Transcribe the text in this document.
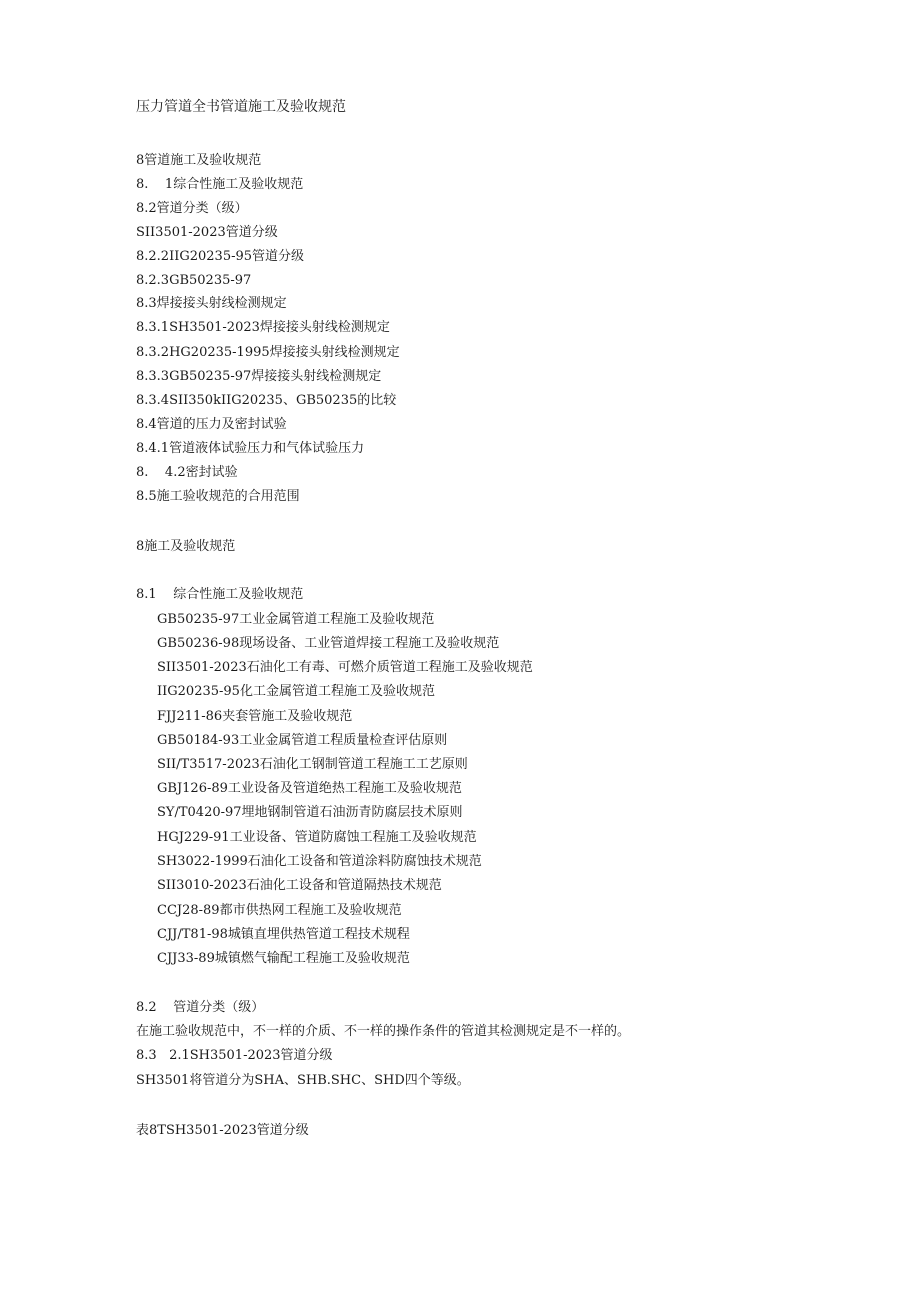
压力管道全书管道施工及验收规范
8管道施工及验收规范
8.    1综合性施工及验收规范
8.2管道分类（级）
SII3501-2023管道分级
8.2.2IIG20235-95管道分级
8.2.3GB50235-97
8.3焊接接头射线检测规定
8.3.1SH3501-2023焊接接头射线检测规定
8.3.2HG20235-1995焊接接头射线检测规定
8.3.3GB50235-97焊接接头射线检测规定
8.3.4SII350kIIG20235、GB50235的比较
8.4管道的压力及密封试验
8.4.1管道液体试验压力和气体试验压力
8.    4.2密封试验
8.5施工验收规范的合用范围
8施工及验收规范
8.1    综合性施工及验收规范
GB50235-97工业金属管道工程施工及验收规范
GB50236-98现场设备、工业管道焊接工程施工及验收规范
SII3501-2023石油化工有毒、可燃介质管道工程施工及验收规范
IIG20235-95化工金属管道工程施工及验收规范
FJJ211-86夹套管施工及验收规范
GB50184-93工业金属管道工程质量检查评估原则
SII/T3517-2023石油化工钢制管道工程施工工艺原则
GBJ126-89工业设备及管道绝热工程施工及验收规范
SY/T0420-97埋地钢制管道石油沥青防腐层技术原则
HGJ229-91工业设备、管道防腐蚀工程施工及验收规范
SH3022-1999石油化工设备和管道涂料防腐蚀技术规范
SII3010-2023石油化工设备和管道隔热技术规范
CCJ28-89都市供热网工程施工及验收规范
CJJ/T81-98城镇直埋供热管道工程技术规程
CJJ33-89城镇燃气输配工程施工及验收规范
8.2    管道分类（级）
在施工验收规范中，不一样的介质、不一样的操作条件的管道其检测规定是不一样的。
8.3   2.1SH3501-2023管道分级
SH3501将管道分为SHA、SHB.SHC、SHD四个等级。
表8TSH3501-2023管道分级
